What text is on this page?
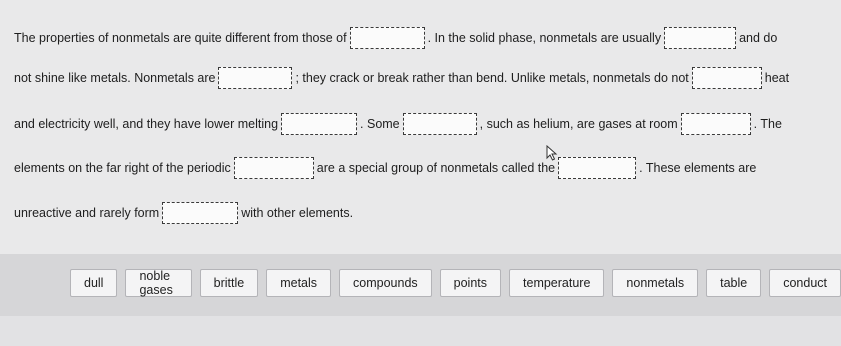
The properties of nonmetals are quite different from those of	. In the solid phase, nonmetals are usually	and do
not shine like metals. Nonmetals are	; they crack or break rather than bend. Unlike metals, nonmetals do not	heat
and electricity well, and they have lower melting	. Some	, such as helium, are gases at room	. The
elements on the far right of the periodic	are a special group of nonmetals called the	. These elements are
unreactive and rarely form	with other elements.
dull	noble gases	brittle	metals	compounds	points	temperature	nonmetals	table	conduct
